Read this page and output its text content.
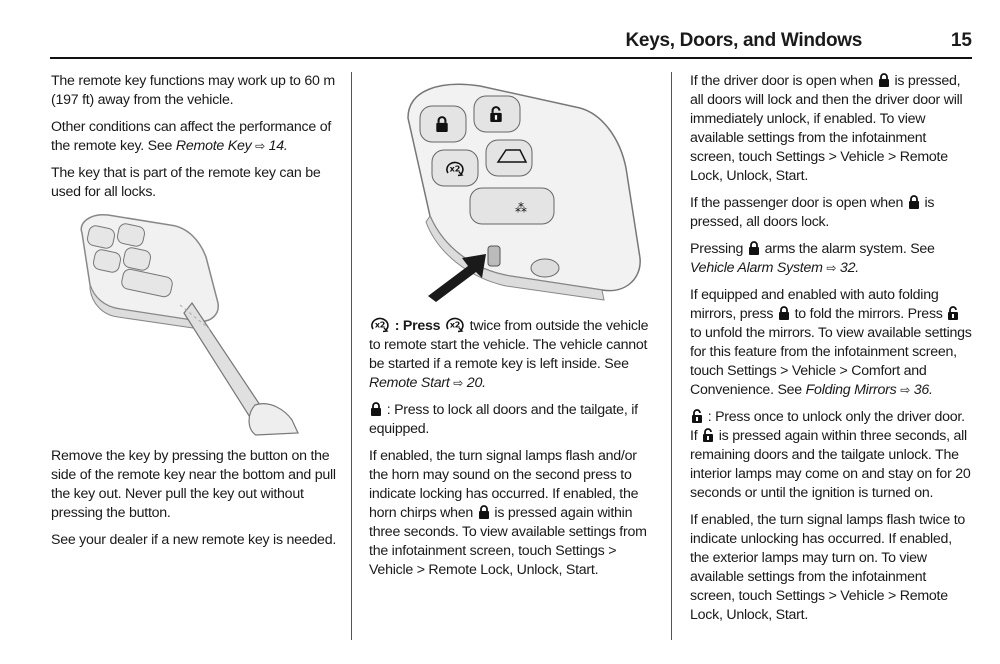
Keys, Doors, and Windows	15

The remote key functions may work up to 60 m (197 ft) away from the vehicle.

Other conditions can affect the performance of the remote key. See Remote Key ⇨ 14.

The key that is part of the remote key can be used for all locks.

Remove the key by pressing the button on the side of the remote key near the bottom and pull the key out. Never pull the key out without pressing the button.

See your dealer if a new remote key is needed.

⁂

: Press  twice from outside the vehicle to remote start the vehicle. The vehicle cannot be started if a remote key is left inside. See Remote Start ⇨ 20.

: Press to lock all doors and the tailgate, if equipped.

If enabled, the turn signal lamps flash and/or the horn may sound on the second press to indicate locking has occurred. If enabled, the horn chirps when  is pressed again within three seconds. To view available settings from the infotainment screen, touch Settings > Vehicle > Remote Lock, Unlock, Start.

If the driver door is open when  is pressed, all doors will lock and then the driver door will immediately unlock, if enabled. To view available settings from the infotainment screen, touch Settings > Vehicle > Remote Lock, Unlock, Start.

If the passenger door is open when  is pressed, all doors lock.

Pressing  arms the alarm system. See Vehicle Alarm System ⇨ 32.

If equipped and enabled with auto folding mirrors, press  to fold the mirrors. Press  to unfold the mirrors. To view available settings for this feature from the infotainment screen, touch Settings > Vehicle > Comfort and Convenience. See Folding Mirrors ⇨ 36.

: Press once to unlock only the driver door. If  is pressed again within three seconds, all remaining doors and the tailgate unlock. The interior lamps may come on and stay on for 20 seconds or until the ignition is turned on.

If enabled, the turn signal lamps flash twice to indicate unlocking has occurred. If enabled, the exterior lamps may turn on. To view available settings from the infotainment screen, touch Settings > Vehicle > Remote Lock, Unlock, Start.
